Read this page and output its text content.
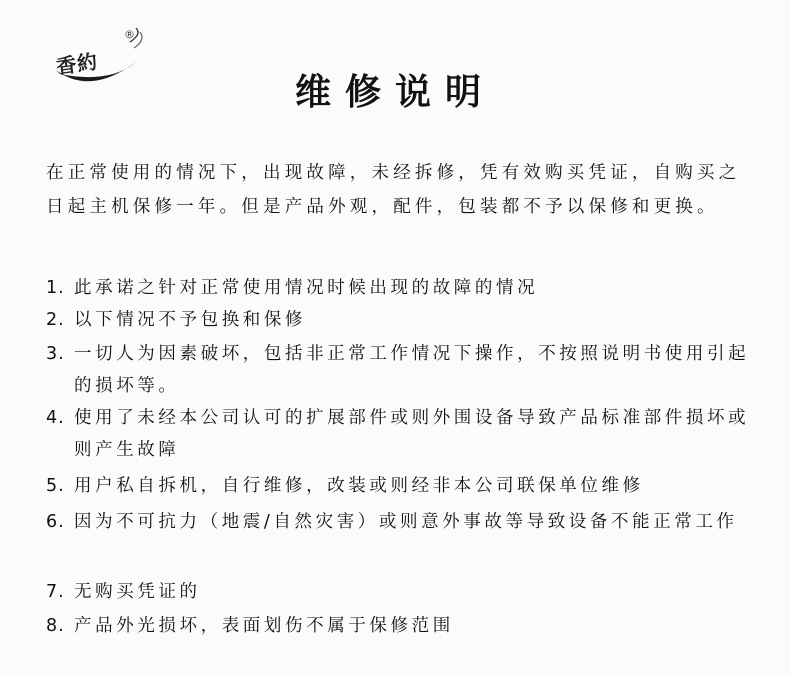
香約
®
维修说明

在正常使用的情况下，出现故障，未经拆修，凭有效购买凭证，自购买之日起主机保修一年。但是产品外观，配件，包装都不予以保修和更换。

1. 此承诺之针对正常使用情况时候出现的故障的情况
2. 以下情况不予包换和保修
3. 一切人为因素破坏，包括非正常工作情况下操作，不按照说明书使用引起的损坏等。
4. 使用了未经本公司认可的扩展部件或则外围设备导致产品标准部件损坏或则产生故障
5. 用户私自拆机，自行维修，改装或则经非本公司联保单位维修
6. 因为不可抗力（地震/自然灾害）或则意外事故等导致设备不能正常工作
7. 无购买凭证的
8. 产品外光损坏，表面划伤不属于保修范围
